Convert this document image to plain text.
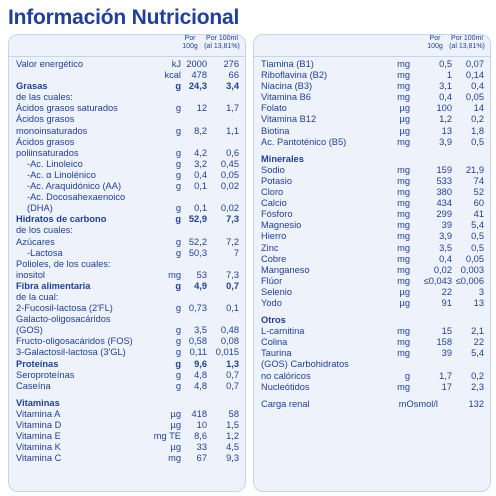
Información Nutricional
Por
100g
Por 100ml
(al 13,81%)
Valor energético	kJ 2000	276
kcal	478	66
Grasas	g 24,3	3,4
de las cuales:
Ácidos grasos saturados	g	12	1,7
Ácidos grasos
monoinsaturados	g	8,2	1,1
Ácidos grasos
poliinsaturados	g	4,2	0,6
-Ac. Linoleico	g	3,2	0,45
-Ac. α Linolénico	g	0,4	0,05
-Ac. Araquidónico (AA)	g	0,1	0,02
-Ac. Docosahexaenoico
(DHA)	g	0,1	0,02
Hidratos de carbono	g 52,9	7,3
de los cuales:
Azúcares	g 52,2	7,2
-Lactosa	g 50,3	7
Polioles, de los cuales:
inositol	mg	53	7,3
Fibra alimentaria	g	4,9	0,7
de la cual:
2-Fucosil-lactosa (2'FL)	g 0,73	0,1
Galacto-oligosacáridos
(GOS)	g	3,5	0,48
Fructo-oligosacáridos (FOS)	g 0,58	0,08
3-Galactosil-lactosa (3'GL)	g 0,11 0,015
Proteínas	g	9,6	1,3
Seroproteínas	g	4,8	0,7
Caseína	g	4,8	0,7
Vitaminas
Vitamina A	µg	418	58
Vitamina D	µg	10	1,5
Vitamina E	mg TE	8,6	1,2
Vitamina K	µg	33	4,5
Vitamina C	mg	67	9,3
Por
100g
Por 100ml
(al 13,81%)
Tiamina (B1)	mg	0,5	0,07
Riboflavina (B2)	mg	1	0,14
Niacina (B3)	mg	3,1	0,4
Vitamina B6	mg	0,4	0,05
Folato	µg	100	14
Vitamina B12	µg	1,2	0,2
Biotina	µg	13	1,8
Ac. Pantoténico (B5)	mg	3,9	0,5
Minerales
Sodio	mg	159	21,9
Potasio	mg	533	74
Cloro	mg	380	52
Calcio	mg	434	60
Fósforo	mg	299	41
Magnesio	mg	39	5,4
Hierro	mg	3,9	0,5
Zinc	mg	3,5	0,5
Cobre	mg	0,4	0,05
Manganeso	mg	0,02 0,003
Flúor	mg	≤0,043 ≤0,006
Selenio	µg	22	3
Yodo	µg	91	13
Otros
L-carnitina	mg	15	2,1
Colina	mg	158	22
Taurina	mg	39	5,4
(GOS) Carbohidratos
no calóricos	g	1,7	0,2
Nucleótidos	mg	17	2,3
Carga renal	mOsmol/l	132
